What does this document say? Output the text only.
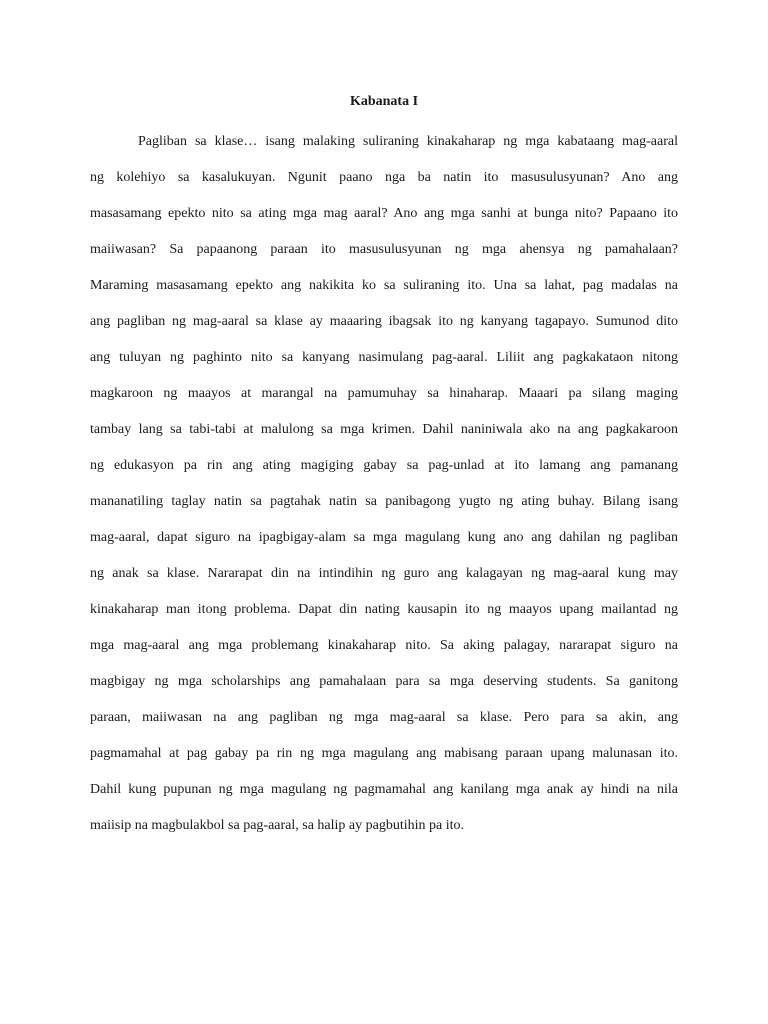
Kabanata I
Pagliban sa klase… isang malaking suliraning kinakaharap ng mga kabataang mag-aaral
ng kolehiyo sa kasalukuyan. Ngunit paano nga ba natin ito masusulusyunan? Ano ang
masasamang epekto nito sa ating mga mag aaral? Ano ang mga sanhi at bunga nito? Papaano ito
maiiwasan? Sa papaanong paraan ito masusulusyunan ng mga ahensya ng pamahalaan?
Maraming masasamang epekto ang nakikita ko sa suliraning ito. Una sa lahat, pag madalas na
ang pagliban ng mag-aaral sa klase ay maaaring ibagsak ito ng kanyang tagapayo. Sumunod dito
ang tuluyan ng paghinto nito sa kanyang nasimulang pag-aaral. Liliit ang pagkakataon nitong
magkaroon ng maayos at marangal na pamumuhay sa hinaharap. Maaari pa silang maging
tambay lang sa tabi-tabi at malulong sa mga krimen. Dahil naniniwala ako na ang pagkakaroon
ng edukasyon pa rin ang ating magiging gabay sa pag-unlad at ito lamang ang pamanang
mananatiling taglay natin sa pagtahak natin sa panibagong yugto ng ating buhay. Bilang isang
mag-aaral, dapat siguro na ipagbigay-alam sa mga magulang kung ano ang dahilan ng pagliban
ng anak sa klase. Nararapat din na intindihin ng guro ang kalagayan ng mag-aaral kung may
kinakaharap man itong problema. Dapat din nating kausapin ito ng maayos upang mailantad ng
mga mag-aaral ang mga problemang kinakaharap nito. Sa aking palagay, nararapat siguro na
magbigay ng mga scholarships ang pamahalaan para sa mga deserving students. Sa ganitong
paraan, maiiwasan na ang pagliban ng mga mag-aaral sa klase. Pero para sa akin, ang
pagmamahal at pag gabay pa rin ng mga magulang ang mabisang paraan upang malunasan ito.
Dahil kung pupunan ng mga magulang ng pagmamahal ang kanilang mga anak ay hindi na nila
maiisip na magbulakbol sa pag-aaral, sa halip ay pagbutihin pa ito.
